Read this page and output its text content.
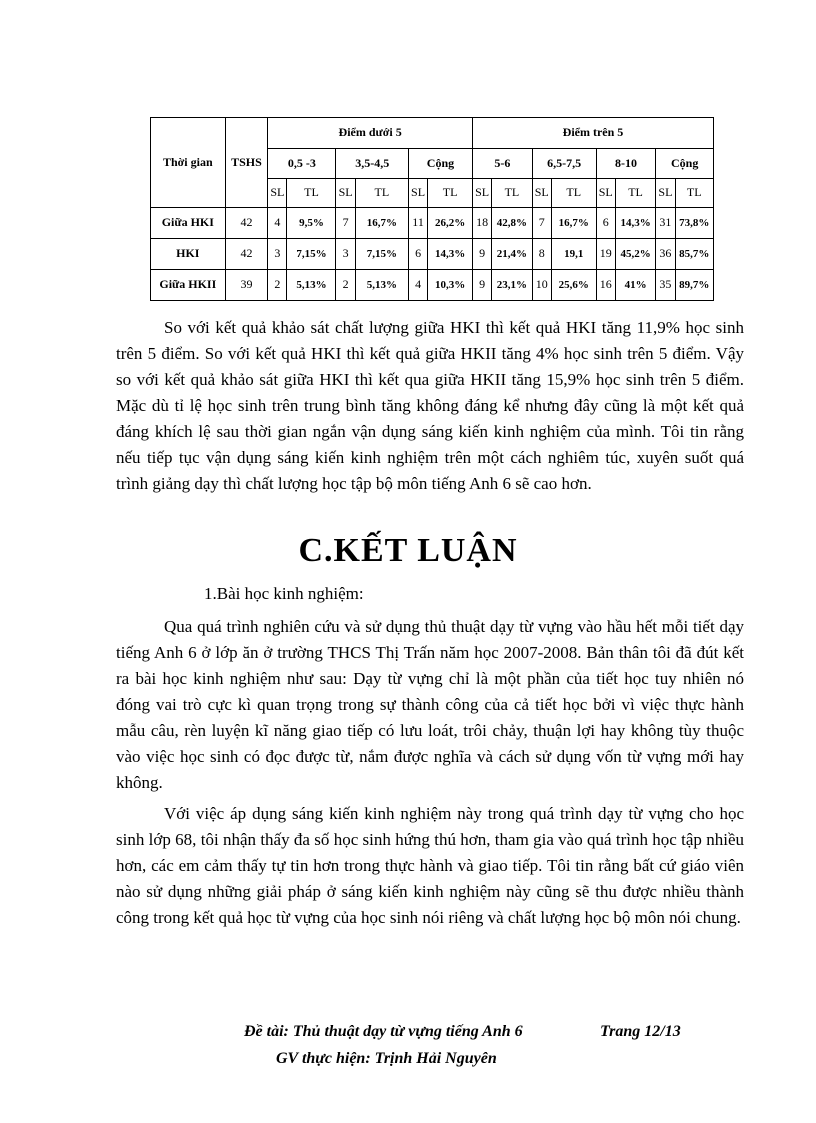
Thời gian	TSHS	Điểm dưới 5						Điểm trên 5							
		0,5 -3		3,5-4,5		Cộng		5-6		6,5-7,5		8-10		Cộng	
		SL	TL	SL	TL	SL	TL	SL	TL	SL	TL	SL	TL	SL	TL
Giữa HKI	42	4	9,5%	7	16,7%	11	26,2%	18	42,8%	7	16,7%	6	14,3%	31	73,8%
HKI	42	3	7,15%	3	7,15%	6	14,3%	9	21,4%	8	19,1	19	45,2%	36	85,7%
Giữa HKII	39	2	5,13%	2	5,13%	4	10,3%	9	23,1%	10	25,6%	16	41%	35	89,7%

So với kết quả khảo sát chất lượng giữa HKI thì kết quả HKI tăng 11,9% học sinh trên 5 điểm. So với kết quả HKI thì kết quả giữa HKII tăng 4% học sinh trên 5 điểm. Vậy so với kết quả khảo sát giữa HKI thì kết qua giữa HKII tăng 15,9% học sinh trên 5 điểm. Mặc dù tỉ lệ học sinh trên trung bình tăng không đáng kể nhưng đây cũng là một kết quả đáng khích lệ sau thời gian ngắn vận dụng sáng kiến kinh nghiệm của mình. Tôi tin rằng nếu tiếp tục vận dụng sáng kiến kinh nghiệm trên một cách nghiêm túc, xuyên suốt quá trình giảng dạy thì chất lượng học tập bộ môn tiếng Anh 6 sẽ cao hơn.

C.KẾT LUẬN

1.Bài học kinh nghiệm:

Qua quá trình nghiên cứu và sử dụng thủ thuật dạy từ vựng vào hầu hết mỗi tiết dạy tiếng Anh 6 ở lớp ăn ở trường THCS Thị Trấn năm học 2007-2008. Bản thân tôi đã đút kết ra bài học kinh nghiệm như sau: Dạy từ vựng chỉ là một phần của tiết học tuy nhiên nó đóng vai trò cực kì quan trọng trong sự thành công của cả tiết học bởi vì việc thực hành mẫu câu, rèn luyện kĩ năng giao tiếp có lưu loát, trôi chảy, thuận lợi hay không tùy thuộc vào việc học sinh có đọc được từ, nắm được nghĩa và cách sử dụng vốn từ vựng mới hay không.

Với việc áp dụng sáng kiến kinh nghiệm này trong quá trình dạy từ vựng cho học sinh lớp 68, tôi nhận thấy đa số học sinh hứng thú hơn, tham gia vào quá trình học tập nhiều hơn, các em cảm thấy tự tin hơn trong thực hành và giao tiếp. Tôi tin rằng bất cứ giáo viên nào sử dụng những giải pháp ở sáng kiến kinh nghiệm này cũng sẽ thu được nhiều thành công trong kết quả học từ vựng của học sinh nói riêng và chất lượng học bộ môn nói chung.

Đề tài: Thủ thuật dạy từ vựng tiếng Anh 6	Trang 12/13

GV thực hiện: Trịnh Hải Nguyên
